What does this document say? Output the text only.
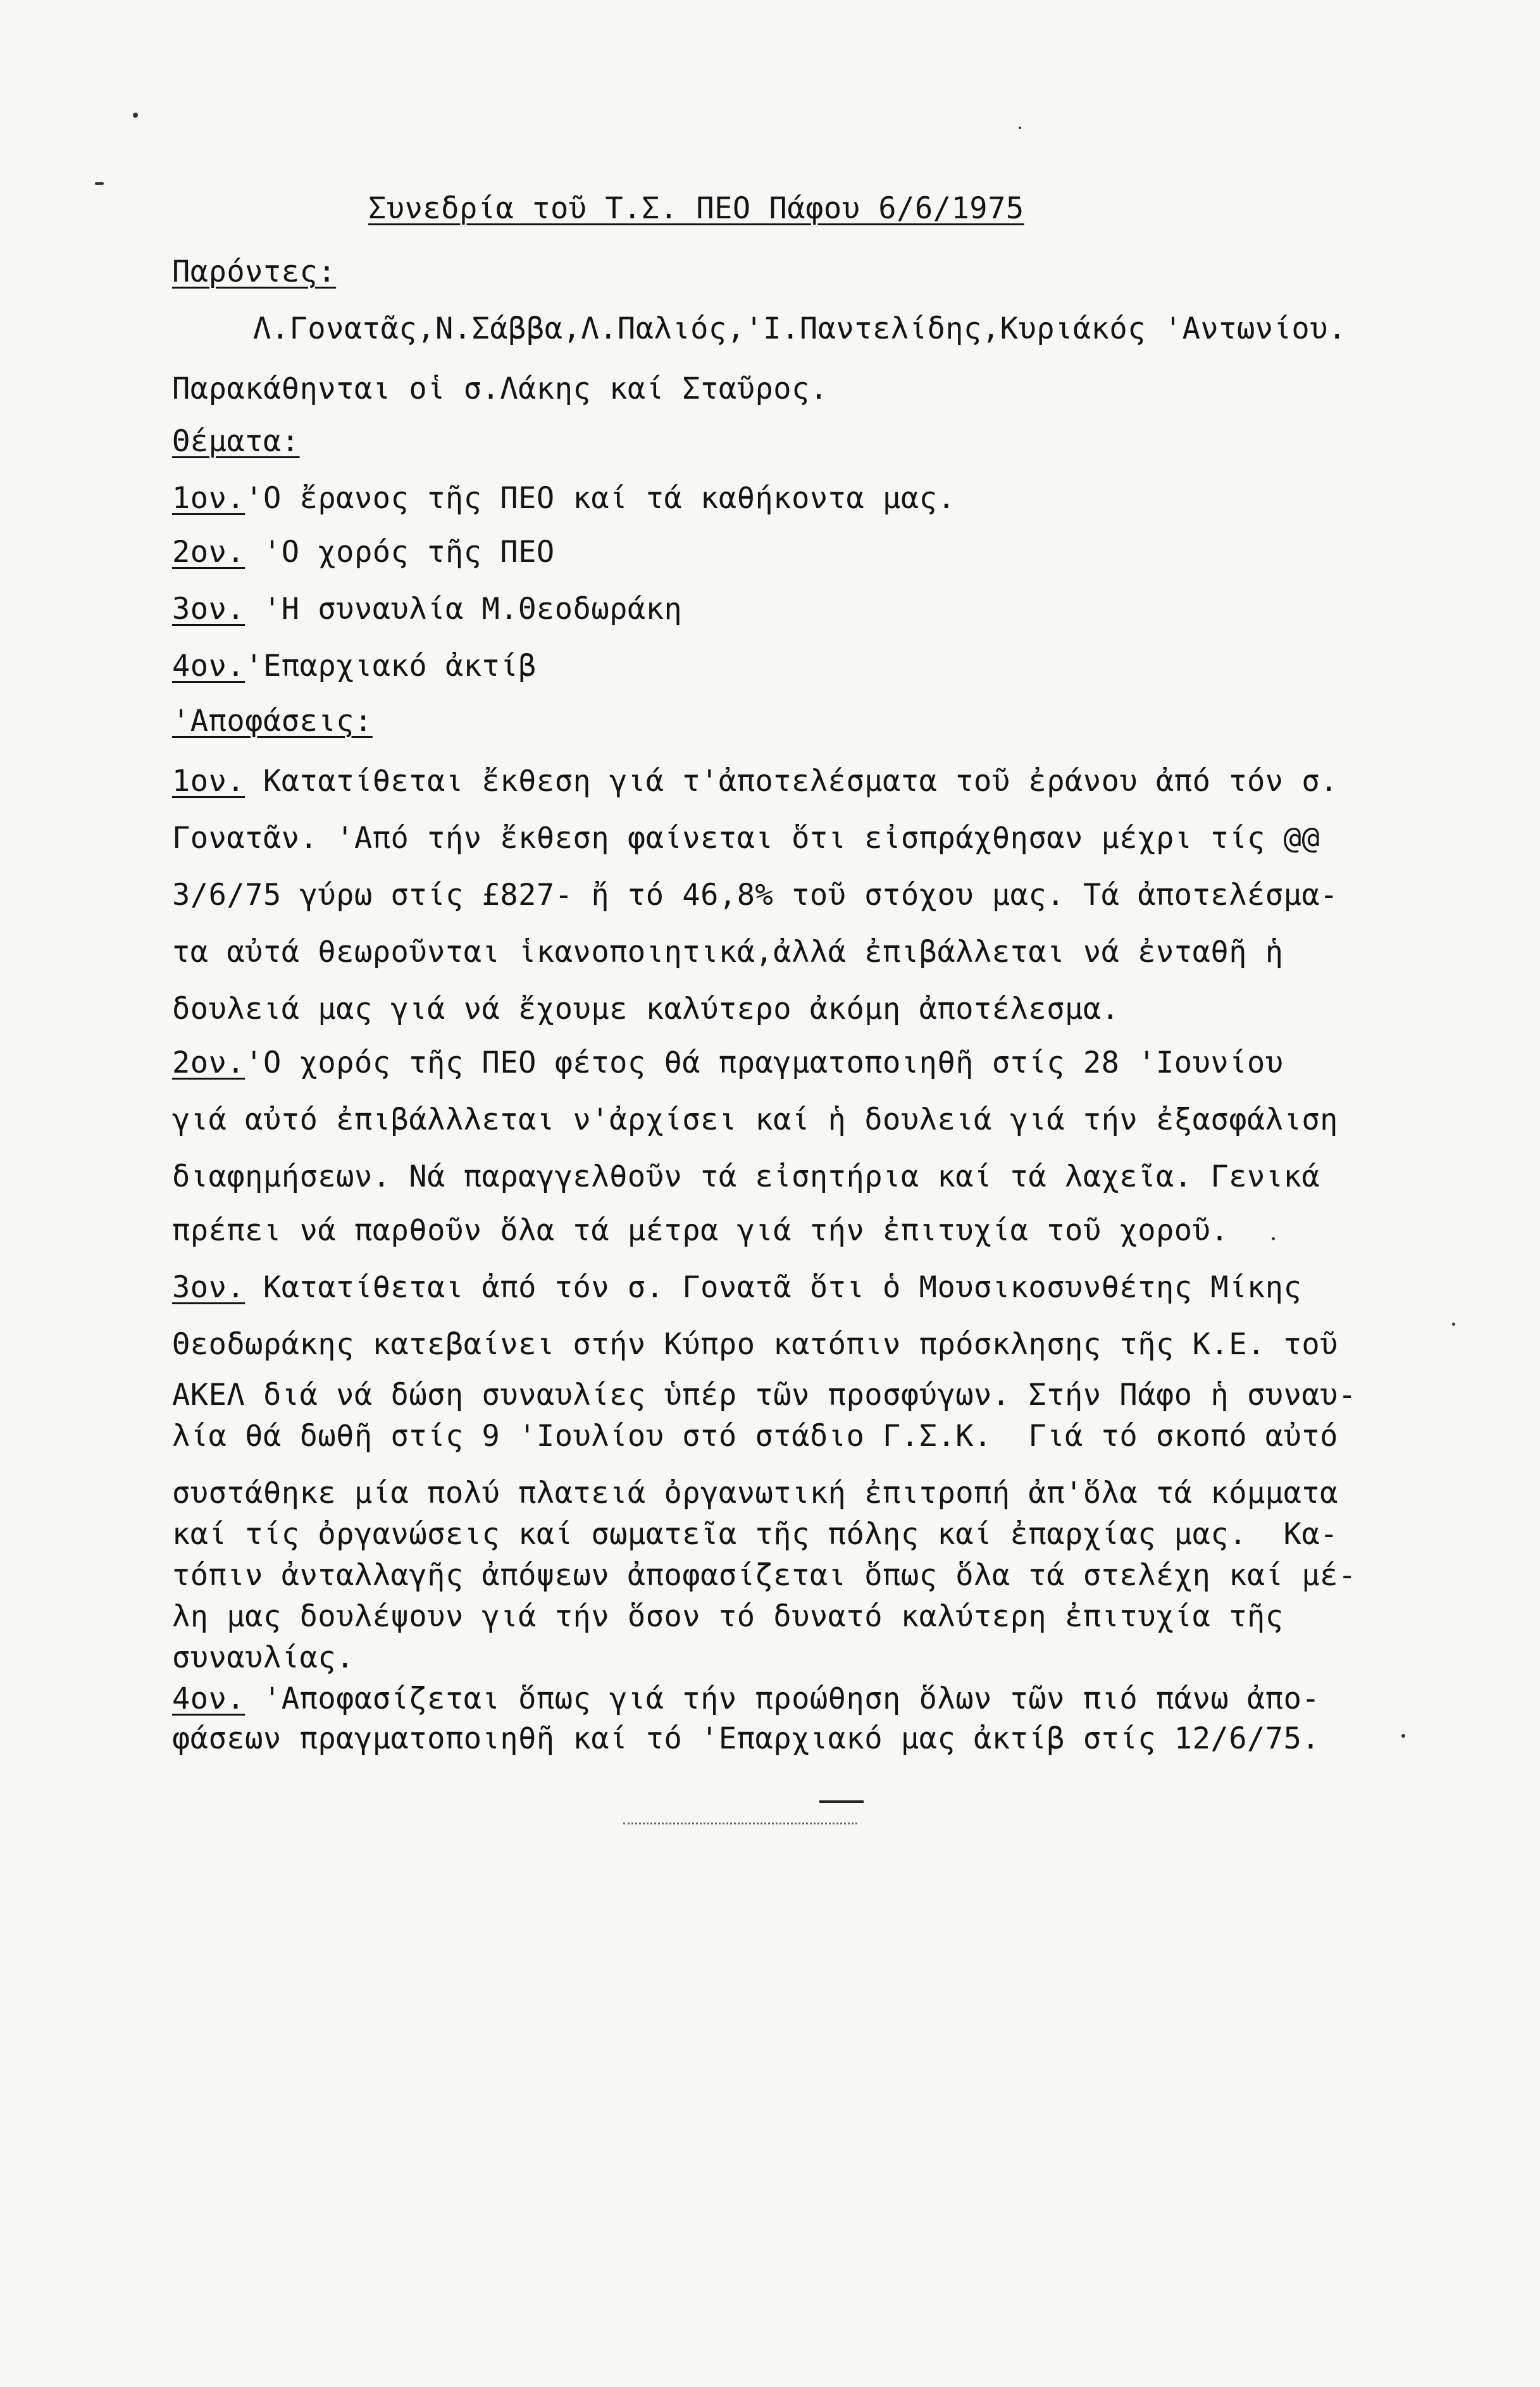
Συνεδρία τοῦ Τ.Σ. ΠΕΟ Πάφου 6/6/1975
Παρόντες:
Λ.Γονατᾶς,Ν.Σάββα,Λ.Παλιός,'Ι.Παντελίδης,Κυριάκός 'Αντωνίου.
Παρακάθηνται οἱ σ.Λάκης καί Σταῦρος.
Θέματα:
1ον.'Ο ἔρανος τῆς ΠΕΟ καί τά καθήκοντα μας.
2ον. 'Ο χορός τῆς ΠΕΟ
3ον. 'Η συναυλία Μ.Θεοδωράκη
4ον.'Επαρχιακό ἀκτίβ
'Αποφάσεις:
1ον. Κατατίθεται ἔκθεση γιά τ'ἀποτελέσματα τοῦ ἐράνου ἀπό τόν σ.
Γονατᾶν. 'Από τήν ἔκθεση φαίνεται ὅτι εἰσπράχθησαν μέχρι τίς @@
3/6/75 γύρω στίς £827- ἤ τό 46,8% τοῦ στόχου μας. Τά ἀποτελέσμα-
τα αὐτά θεωροῦνται ἱκανοποιητικά,ἀλλά ἐπιβάλλεται νά ἐνταθῆ ἡ
δουλειά μας γιά νά ἔχουμε καλύτερο ἀκόμη ἀποτέλεσμα.
2ον.'Ο χορός τῆς ΠΕΟ φέτος θά πραγματοποιηθῆ στίς 28 'Ιουνίου
γιά αὐτό ἐπιβάλλλεται ν'ἀρχίσει καί ἡ δουλειά γιά τήν ἐξασφάλιση
διαφημήσεων. Νά παραγγελθοῦν τά εἰσητήρια καί τά λαχεῖα. Γενικά
πρέπει νά παρθοῦν ὅλα τά μέτρα γιά τήν ἐπιτυχία τοῦ χοροῦ.
3ον. Κατατίθεται ἀπό τόν σ. Γονατᾶ ὅτι ὁ Μουσικοσυνθέτης Μίκης
Θεοδωράκης κατεβαίνει στήν Κύπρο κατόπιν πρόσκλησης τῆς Κ.Ε. τοῦ
ΑΚΕΛ διά νά δώση συναυλίες ὑπέρ τῶν προσφύγων. Στήν Πάφο ἡ συναυ-
λία θά δωθῆ στίς 9 'Ιουλίου στό στάδιο Γ.Σ.Κ.  Γιά τό σκοπό αὐτό
συστάθηκε μία πολύ πλατειά ὀργανωτική ἐπιτροπή ἀπ'ὅλα τά κόμματα
καί τίς ὀργανώσεις καί σωματεῖα τῆς πόλης καί ἐπαρχίας μας.  Κα-
τόπιν ἀνταλλαγῆς ἀπόψεων ἀποφασίζεται ὅπως ὅλα τά στελέχη καί μέ-
λη μας δουλέψουν γιά τήν ὅσον τό δυνατό καλύτερη ἐπιτυχία τῆς
συναυλίας.
4ον. 'Αποφασίζεται ὅπως γιά τήν προώθηση ὅλων τῶν πιό πάνω ἀπο-
φάσεων πραγματοποιηθῆ καί τό 'Επαρχιακό μας ἀκτίβ στίς 12/6/75.
